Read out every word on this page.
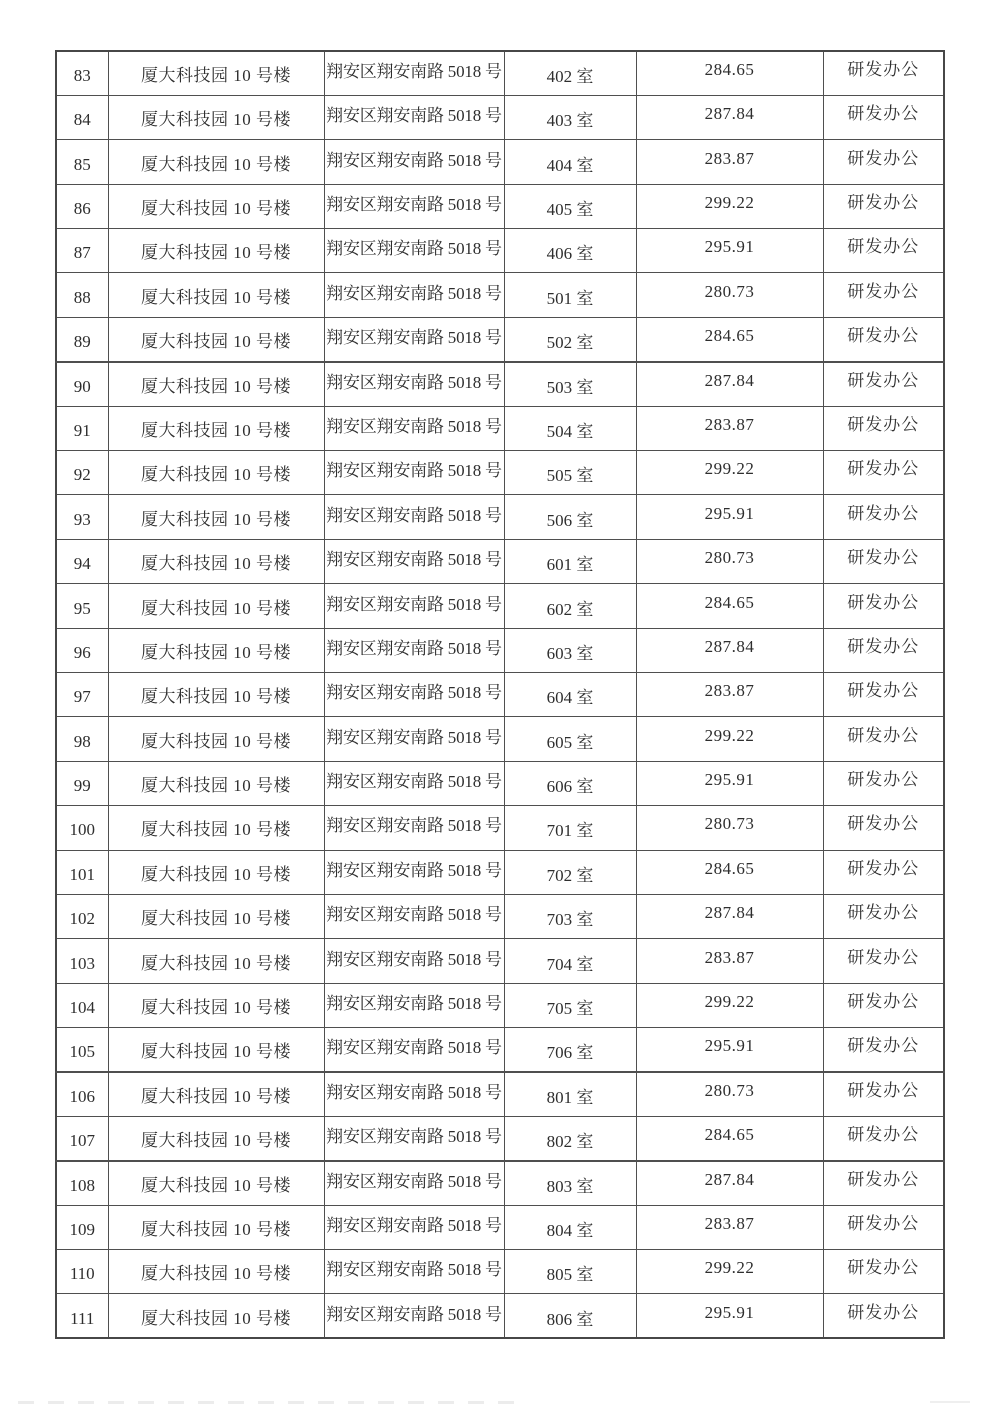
83	厦大科技园 10 号楼	翔安区翔安南路 5018 号	402 室	284.65	研发办公
84	厦大科技园 10 号楼	翔安区翔安南路 5018 号	403 室	287.84	研发办公
85	厦大科技园 10 号楼	翔安区翔安南路 5018 号	404 室	283.87	研发办公
86	厦大科技园 10 号楼	翔安区翔安南路 5018 号	405 室	299.22	研发办公
87	厦大科技园 10 号楼	翔安区翔安南路 5018 号	406 室	295.91	研发办公
88	厦大科技园 10 号楼	翔安区翔安南路 5018 号	501 室	280.73	研发办公
89	厦大科技园 10 号楼	翔安区翔安南路 5018 号	502 室	284.65	研发办公
90	厦大科技园 10 号楼	翔安区翔安南路 5018 号	503 室	287.84	研发办公
91	厦大科技园 10 号楼	翔安区翔安南路 5018 号	504 室	283.87	研发办公
92	厦大科技园 10 号楼	翔安区翔安南路 5018 号	505 室	299.22	研发办公
93	厦大科技园 10 号楼	翔安区翔安南路 5018 号	506 室	295.91	研发办公
94	厦大科技园 10 号楼	翔安区翔安南路 5018 号	601 室	280.73	研发办公
95	厦大科技园 10 号楼	翔安区翔安南路 5018 号	602 室	284.65	研发办公
96	厦大科技园 10 号楼	翔安区翔安南路 5018 号	603 室	287.84	研发办公
97	厦大科技园 10 号楼	翔安区翔安南路 5018 号	604 室	283.87	研发办公
98	厦大科技园 10 号楼	翔安区翔安南路 5018 号	605 室	299.22	研发办公
99	厦大科技园 10 号楼	翔安区翔安南路 5018 号	606 室	295.91	研发办公
100	厦大科技园 10 号楼	翔安区翔安南路 5018 号	701 室	280.73	研发办公
101	厦大科技园 10 号楼	翔安区翔安南路 5018 号	702 室	284.65	研发办公
102	厦大科技园 10 号楼	翔安区翔安南路 5018 号	703 室	287.84	研发办公
103	厦大科技园 10 号楼	翔安区翔安南路 5018 号	704 室	283.87	研发办公
104	厦大科技园 10 号楼	翔安区翔安南路 5018 号	705 室	299.22	研发办公
105	厦大科技园 10 号楼	翔安区翔安南路 5018 号	706 室	295.91	研发办公
106	厦大科技园 10 号楼	翔安区翔安南路 5018 号	801 室	280.73	研发办公
107	厦大科技园 10 号楼	翔安区翔安南路 5018 号	802 室	284.65	研发办公
108	厦大科技园 10 号楼	翔安区翔安南路 5018 号	803 室	287.84	研发办公
109	厦大科技园 10 号楼	翔安区翔安南路 5018 号	804 室	283.87	研发办公
110	厦大科技园 10 号楼	翔安区翔安南路 5018 号	805 室	299.22	研发办公
111	厦大科技园 10 号楼	翔安区翔安南路 5018 号	806 室	295.91	研发办公
